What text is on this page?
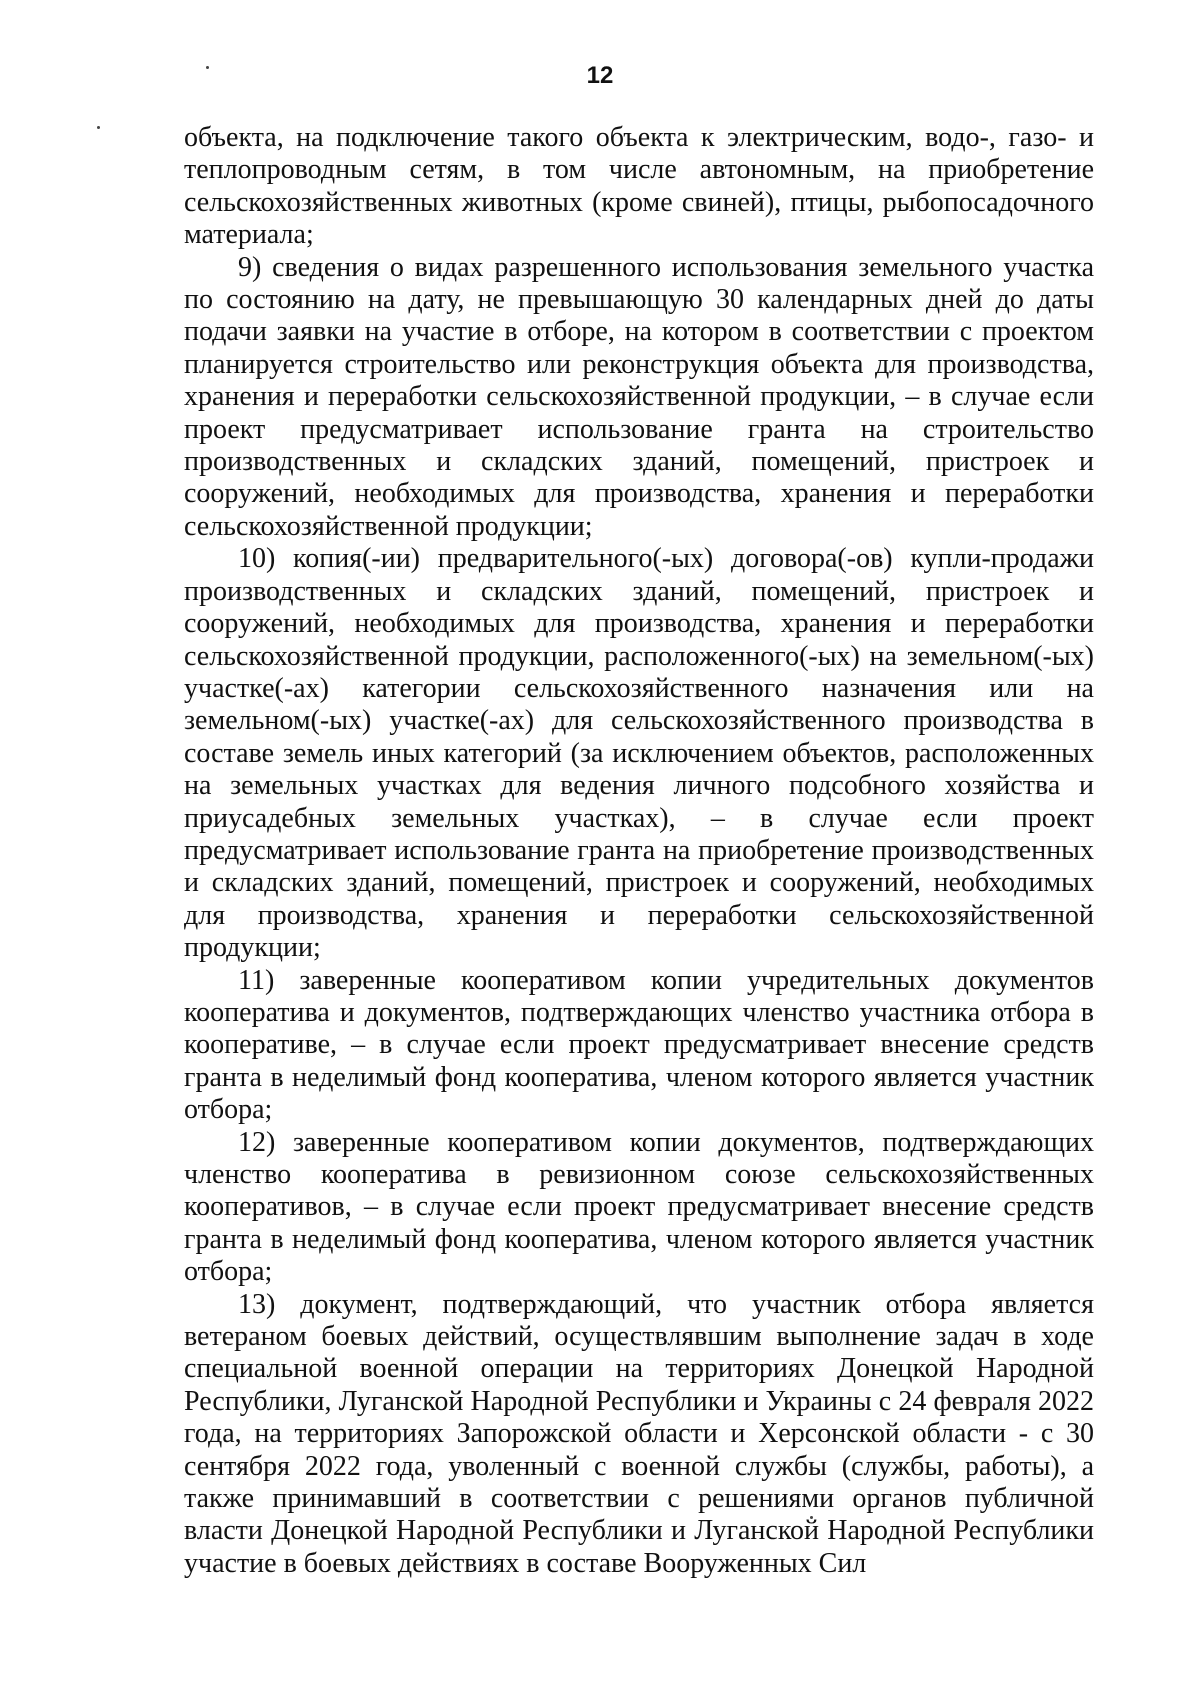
12

объекта, на подключение такого объекта к электрическим, водо-, газо- и теплопроводным сетям, в том числе автономным, на приобретение сельскохозяйственных животных (кроме свиней), птицы, рыбопосадочного материала;

9) сведения о видах разрешенного использования земельного участка по состоянию на дату, не превышающую 30 календарных дней до даты подачи заявки на участие в отборе, на котором в соответствии с проектом планируется строительство или реконструкция объекта для производства, хранения и переработки сельскохозяйственной продукции, – в случае если проект предусматривает использование гранта на строительство производственных и складских зданий, помещений, пристроек и сооружений, необходимых для производства, хранения и переработки сельскохозяйственной продукции;

10) копия(-ии) предварительного(-ых) договора(-ов) купли-продажи производственных и складских зданий, помещений, пристроек и сооружений, необходимых для производства, хранения и переработки сельскохозяйственной продукции, расположенного(-ых) на земельном(-ых) участке(-ах) категории сельскохозяйственного назначения или на земельном(-ых) участке(-ах) для сельскохозяйственного производства в составе земель иных категорий (за исключением объектов, расположенных на земельных участках для ведения личного подсобного хозяйства и приусадебных земельных участках), – в случае если проект предусматривает использование гранта на приобретение производственных и складских зданий, помещений, пристроек и сооружений, необходимых для производства, хранения и переработки сельскохозяйственной продукции;

11) заверенные кооперативом копии учредительных документов кооператива и документов, подтверждающих членство участника отбора в кооперативе, – в случае если проект предусматривает внесение средств гранта в неделимый фонд кооператива, членом которого является участник отбора;

12) заверенные кооперативом копии документов, подтверждающих членство кооператива в ревизионном союзе сельскохозяйственных кооперативов, – в случае если проект предусматривает внесение средств гранта в неделимый фонд кооператива, членом которого является участник отбора;

13) документ, подтверждающий, что участник отбора является ветераном боевых действий, осуществлявшим выполнение задач в ходе специальной военной операции на территориях Донецкой Народной Республики, Луганской Народной Республики и Украины с 24 февраля 2022 года, на территориях Запорожской области и Херсонской области - с 30 сентября 2022 года, уволенный с военной службы (службы, работы), а также принимавший в соответствии с решениями органов публичной власти Донецкой Народной Республики и Луганской Народной Республики участие в боевых действиях в составе Вооруженных Сил
